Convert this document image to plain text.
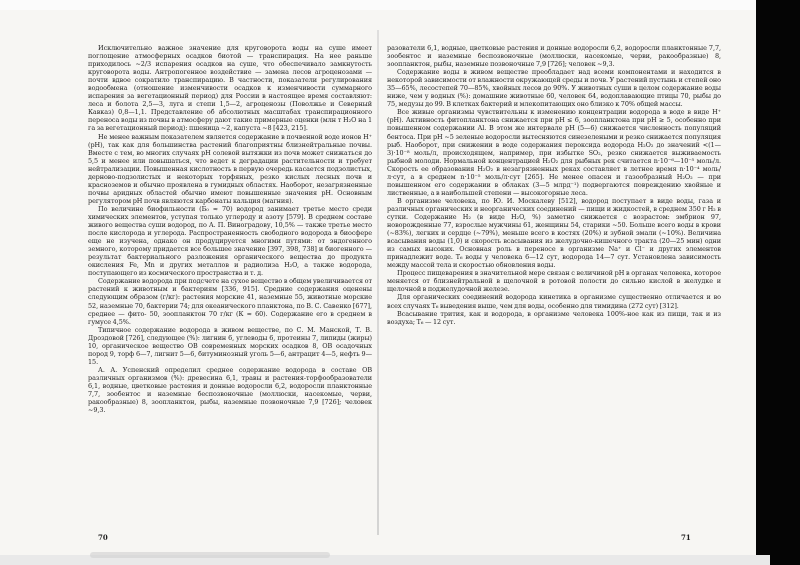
Исключительно важное значение для круговорота воды на суше имеет поглощение атмосферных осадков биотой — транспирация. На нее раньше приходилось ~2/3 испарения осадков на суше, что обеспечивало замкнутость круговорота воды. Антропогенное воздействие — замена лесов агроценозами — почти вдвое сократило транспирацию. В частности, показатели регулирования водообмена (отношение изменчивости осадков к изменчивости суммарного испарения за вегетационный период) для России в настоящее время составляют: леса и болота 2,5—3, луга и степи 1,5—2, агроценозы (Поволжье и Северный Кавказ) 0,8—1,1. Представление об абсолютных масштабах транспирационного переноса воды из почвы в атмосферу дают такие примерные оценки (млн т H₂O на 1 га за вегетационный период): пшеница ~2, капуста ~8 [423, 215].

Не менее важным показателем является содержание в почвенной воде ионов H⁺ (pH), так как для большинства растений благоприятны близнейтральные почвы. Вместе с тем, во многих случаях pH солевой вытяжки из почв может снижаться до 5,5 и менее или повышаться, что ведет к деградации растительности и требует нейтрализации. Повышенная кислотность в первую очередь касается подзолистых, дерново-подзолистых и некоторых торфяных, резко кислых лесных почв и красноземов и обычно проявлена в гумидных областях. Наоборот, незагрязненные почвы аридных областей обычно имеют повышенные значения pH. Основным регулятором pH почв являются карбонаты кальция (магния).

По величине биофильности (Б₀ ≈ 70) водород занимает третье место среди химических элементов, уступая только углероду и азоту [579]. В среднем составе живого вещества суши водород, по А. П. Виноградову, 10,5% — также третье место после кислорода и углерода. Распространенность свободного водорода в биосфере еще не изучена, однако он продуцируется многими путями: от эндогенного земного, которому придается все большее значение [397, 398, 738] и биогенного — результат бактериального разложения органического вещества до продукта окисления Fe, Mn и других металлов и радиолиза H₂O, а также водорода, поступающего из космического пространства и т. д.

Содержание водорода при подсчете на сухое вещество в общем увеличивается от растений к животным и бактериям [336, 915]. Средние содержания оценены следующим образом (г/кг): растения морские 41, наземные 55, животные морские 52, наземные 70, бактерии 74; для океанического планктона, по В. С. Савенко [677], среднее — фито- 50, зоопланктон 70 г/кг (К ≈ 60). Содержание его в среднем в гумусе 4,5%.

Типичное содержание водорода в живом веществе, по С. М. Манской, Т. В. Дроздовой [726], следующее (%): лигнин 6, углеводы 6, протеины 7, липиды (жиры) 10, органическое вещество ОВ современных морских осадков 8, ОВ осадочных пород 9, торф 6—7, лигнит 5—6, битуминозный уголь 5—6, антрацит 4—5, нефть 9—15.

А. А. Успенский определил среднее содержание водорода в составе ОВ различных организмов (%): древесина 6,1, травы и растения-торфообразователи 6,1, водные, цветковые растения и донные водоросли 6,2, водоросли планктонные 7,7, зообентос и наземные беспозвоночные (моллюски, насекомые, черви, ракообразные) 8, зоопланктон, рыбы, наземные позвоночные 7,9 [726]; человек ~9,3.

разователи 6,1, водные, цветковые растения и донные водоросли 6,2, водоросли планктонные 7,7, зообентос и наземные беспозвоночные (моллюски, насекомые, черви, ракообразные) 8, зоопланктон, рыбы, наземные позвоночные 7,9 [726]; человек ~9,3.

Содержание воды в живом веществе преобладает над всеми компонентами и находится в некоторой зависимости от влажности окружающей среды и почв. У растений пустынь и степей оно 35—65%, лесостепей 70—85%, хвойных лесов до 90%. У животных суши в целом содержание воды ниже, чем у водных (%): домашние животные 60, человек 64, водоплавающие птицы 70, рыбы до 75, медузы до 99. В клетках бактерий и млекопитающих оно близко к 70% общей массы.

Все живые организмы чувствительны к изменению концентрации водорода в воде в виде H⁺ (pH). Активность фитопланктона снижается при pH ≤ 6, зоопланктона при pH ≥ 5, особенно при повышенном содержании Al. В этом же интервале pH (5—6) снижается численность популяций бентоса. При pH ~5 зеленые водоросли вытесняются синезелеными и резко снижается популяция рыб. Наоборот, при снижении в воде содержания пероксида водорода H₂O₂ до значений <(1—3)·10⁻⁸ моль/л, происходящем, например, при избытке SO₂, резко снижается выживаемость рыбной молоди. Нормальной концентрацией H₂O₂ для рыбных рек считается n·10⁻⁶—10⁻⁵ моль/л. Скорость ее образования H₂O₂ в незагрязненных реках составляет в летнее время n·10⁻⁴ моль/л·сут, а в среднем n·10⁻⁵ моль/л·сут [265]. Не менее опасен и газообразный H₂O₂ — при повышенном его содержании в облаках (3—5 млрд⁻¹) подвергаются повреждению хвойные и лиственные, а в наибольшей степени — высокогорные леса.

В организме человека, по Ю. И. Москалеву [512], водород поступает в виде воды, газа и различных органических и неорганических соединений — пищи и жидкостей, в среднем 350 г H₂ в сутки. Содержание H₂ (в виде H₂O, %) заметно снижается с возрастом: эмбрион 97, новорожденные 77, взрослые мужчины 61, женщины 54, старики ~50. Больше всего воды в крови (~83%), легких и сердце (~79%), меньше всего в костях (20%) и зубной эмали (~10%). Величина всасывания воды (1,0) и скорость всасывания из желудочно-кишечного тракта (20—25 мин) одни из самых высоких. Основная роль в переносе в организме Na⁺ и Cl⁻ и других элементов принадлежит воде. T₆ воды у человека 6—12 сут, водорода 14—7 сут. Установлена зависимость между массой тела и скоростью обновления воды.

Процесс пищеварения в значительной мере связан с величиной pH в органах человека, которое меняется от близнейтральной в щелочной в ротовой полости до сильно кислой в желудке и щелочной в поджелудочной железе.

Для органических соединений водорода кинетика в организме существенно отличается и во всех случаях T₆ выведения выше, чем для воды, особенно для тимидина (272 сут) [312].

Всасывание трития, как и водорода, в организме человека 100%-ное как из пищи, так и из воздуха; T₆ — 12 сут.

70	71
